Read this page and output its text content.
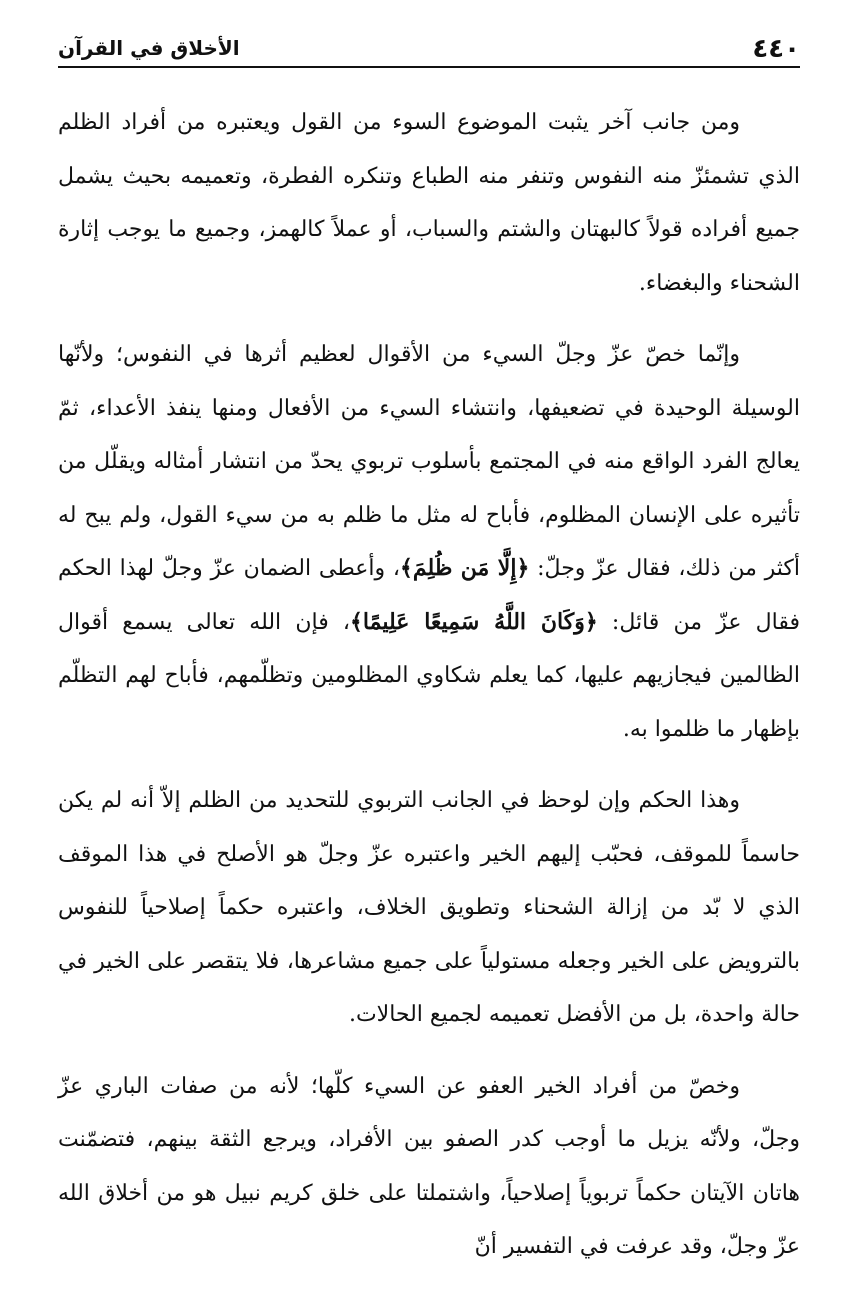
٤٤٠
الأخلاق في القرآن

ومن جانب آخر يثبت الموضوع السوء من القول ويعتبره من أفراد الظلم الذي تشمئزّ منه النفوس وتنفر منه الطباع وتنكره الفطرة، وتعميمه بحيث يشمل جميع أفراده قولاً كالبهتان والشتم والسباب، أو عملاً كالهمز، وجميع ما يوجب إثارة الشحناء والبغضاء.

وإنّما خصّ عزّ وجلّ السيء من الأقوال لعظيم أثرها في النفوس؛ ولأنّها الوسيلة الوحيدة في تضعيفها، وانتشاء السيء من الأفعال ومنها ينفذ الأعداء، ثمّ يعالج الفرد الواقع منه في المجتمع بأسلوب تربوي يحدّ من انتشار أمثاله ويقلّل من تأثيره على الإنسان المظلوم، فأباح له مثل ما ظلم به من سيء القول، ولم يبح له أكثر من ذلك، فقال عزّ وجلّ: ﴿إِلَّا مَن ظُلِمَ﴾، وأعطى الضمان عزّ وجلّ لهذا الحكم فقال عزّ من قائل: ﴿وَكَانَ اللَّهُ سَمِيعًا عَلِيمًا﴾، فإن الله تعالى يسمع أقوال الظالمين فيجازيهم عليها، كما يعلم شكاوي المظلومين وتظلّمهم، فأباح لهم التظلّم بإظهار ما ظلموا به.

وهذا الحكم وإن لوحظ في الجانب التربوي للتحديد من الظلم إلاّ أنه لم يكن حاسماً للموقف، فحبّب إليهم الخير واعتبره عزّ وجلّ هو الأصلح في هذا الموقف الذي لا بّد من إزالة الشحناء وتطويق الخلاف، واعتبره حكماً إصلاحياً للنفوس بالترويض على الخير وجعله مستولياً على جميع مشاعرها، فلا يتقصر على الخير في حالة واحدة، بل من الأفضل تعميمه لجميع الحالات.

وخصّ من أفراد الخير العفو عن السيء كلّها؛ لأنه من صفات الباري عزّ وجلّ، ولأنّه يزيل ما أوجب كدر الصفو بين الأفراد، ويرجع الثقة بينهم، فتضمّنت هاتان الآيتان حكماً تربوياً إصلاحياً، واشتملتا على خلق كريم نبيل هو من أخلاق الله عزّ وجلّ، وقد عرفت في التفسير أنّ
